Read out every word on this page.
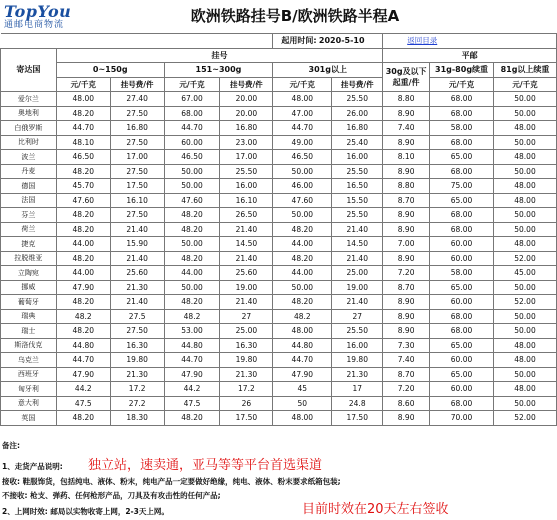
TopYou
通邮电商物流	欧洲铁路挂号B/欧洲铁路半程A
					起用时间: 2020-5-10		返回目录		
寄达国	挂号						平邮		
	0~150g		151~300g		301g以上		30g及以下起重/件	31g-80g续重	81g以上续重
	元/千克	挂号费/件	元/千克	挂号费/件	元/千克	挂号费/件		元/千克	元/千克
爱尔兰	48.00	27.40	67.00	20.00	48.00	25.50	8.80	68.00	50.00
奥地利	48.20	27.50	68.00	20.00	47.00	26.00	8.90	68.00	50.00
白俄罗斯	44.70	16.80	44.70	16.80	44.70	16.80	7.40	58.00	48.00
比利时	48.10	27.50	60.00	23.00	49.00	25.40	8.90	68.00	50.00
波兰	46.50	17.00	46.50	17.00	46.50	16.00	8.10	65.00	48.00
丹麦	48.20	27.50	50.00	25.50	50.00	25.50	8.90	68.00	50.00
德国	45.70	17.50	50.00	16.00	46.00	16.50	8.80	75.00	48.00
法国	47.60	16.10	47.60	16.10	47.60	15.50	8.70	65.00	48.00
芬兰	48.20	27.50	48.20	26.50	50.00	25.50	8.90	68.00	50.00
荷兰	48.20	21.40	48.20	21.40	48.20	21.40	8.90	68.00	50.00
捷克	44.00	15.90	50.00	14.50	44.00	14.50	7.00	60.00	48.00
拉脱维亚	48.20	21.40	48.20	21.40	48.20	21.40	8.90	60.00	52.00
立陶宛	44.00	25.60	44.00	25.60	44.00	25.00	7.20	58.00	45.00
挪威	47.90	21.30	50.00	19.00	50.00	19.00	8.70	65.00	50.00
葡萄牙	48.20	21.40	48.20	21.40	48.20	21.40	8.90	60.00	52.00
瑞典	48.2	27.5	48.2	27	48.2	27	8.90	68.00	50.00
瑞士	48.20	27.50	53.00	25.00	48.00	25.50	8.90	68.00	50.00
斯洛伐克	44.80	16.30	44.80	16.30	44.80	16.00	7.30	65.00	48.00
乌克兰	44.70	19.80	44.70	19.80	44.70	19.80	7.40	60.00	48.00
西班牙	47.90	21.30	47.90	21.30	47.90	21.30	8.70	65.00	50.00
匈牙利	44.2	17.2	44.2	17.2	45	17	7.20	60.00	48.00
意大利	47.5	27.2	47.5	26	50	24.8	8.60	68.00	50.00
英国	48.20	18.30	48.20	17.50	48.00	17.50	8.90	70.00	52.00
备注:
1、走货产品说明: 独立站，速卖通，亚马等等平台首选渠道
接收: 鞋服饰货，包括纯电、液体、粉末，纯电产品一定要做好绝缘，纯电、液体、粉末要求纸箱包装;
不接收: 枪支、弹药、任何枪形产品，刀具及有攻击性的任何产品;
目前时效在20天左右签收
2、上网时效: 邮局以实物收寄上网，2-3天上网。
